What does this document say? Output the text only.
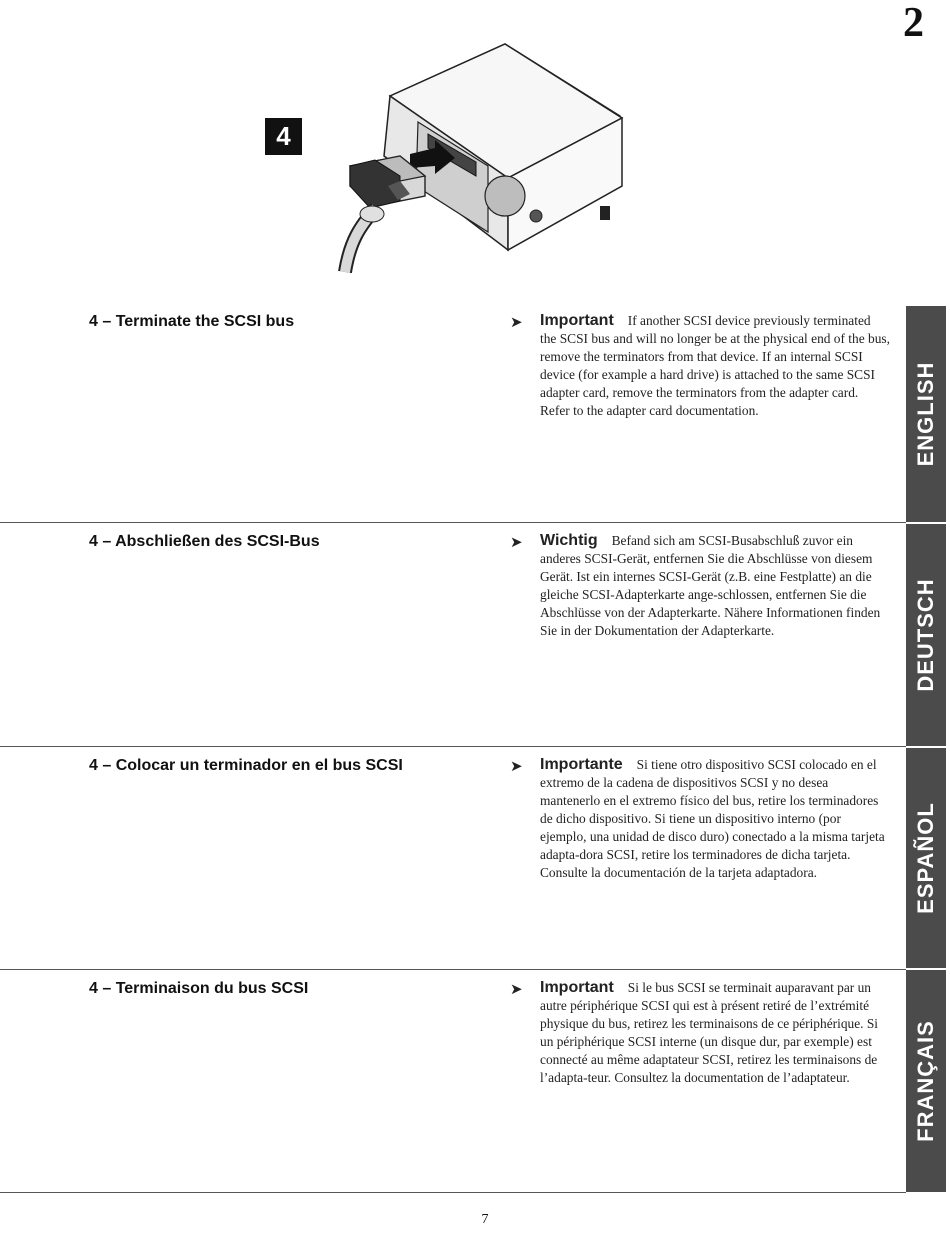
2
4
4 – Terminate the SCSI bus	➤ Important If another SCSI device previously terminated the SCSI bus and will no longer be at the physical end of the bus, remove the terminators from that device. If an internal SCSI device (for example a hard drive) is attached to the same SCSI adapter card, remove the terminators from the adapter card. Refer to the adapter card documentation.
4 – Abschließen des SCSI-Bus	➤ Wichtig Befand sich am SCSI-Busabschluß zuvor ein anderes SCSI-Gerät, entfernen Sie die Abschlüsse von diesem Gerät. Ist ein internes SCSI-Gerät (z.B. eine Festplatte) an die gleiche SCSI-Adapterkarte ange-schlossen, entfernen Sie die Abschlüsse von der Adapterkarte. Nähere Informationen finden Sie in der Dokumentation der Adapterkarte.
4 – Colocar un terminador en el bus SCSI	➤ Importante Si tiene otro dispositivo SCSI colocado en el extremo de la cadena de dispositivos SCSI y no desea mantenerlo en el extremo físico del bus, retire los terminadores de dicho dispositivo. Si tiene un dispositivo interno (por ejemplo, una unidad de disco duro) conectado a la misma tarjeta adapta-dora SCSI, retire los terminadores de dicha tarjeta. Consulte la documentación de la tarjeta adaptadora.
4 – Terminaison du bus SCSI	➤ Important Si le bus SCSI se terminait auparavant par un autre périphérique SCSI qui est à présent retiré de l’extrémité physique du bus, retirez les terminaisons de ce périphérique. Si un périphérique SCSI interne (un disque dur, par exemple) est connecté au même adaptateur SCSI, retirez les terminaisons de l’adapta-teur. Consultez la documentation de l’adaptateur.
ENGLISH
DEUTSCH
ESPAÑOL
FRANÇAIS
7
